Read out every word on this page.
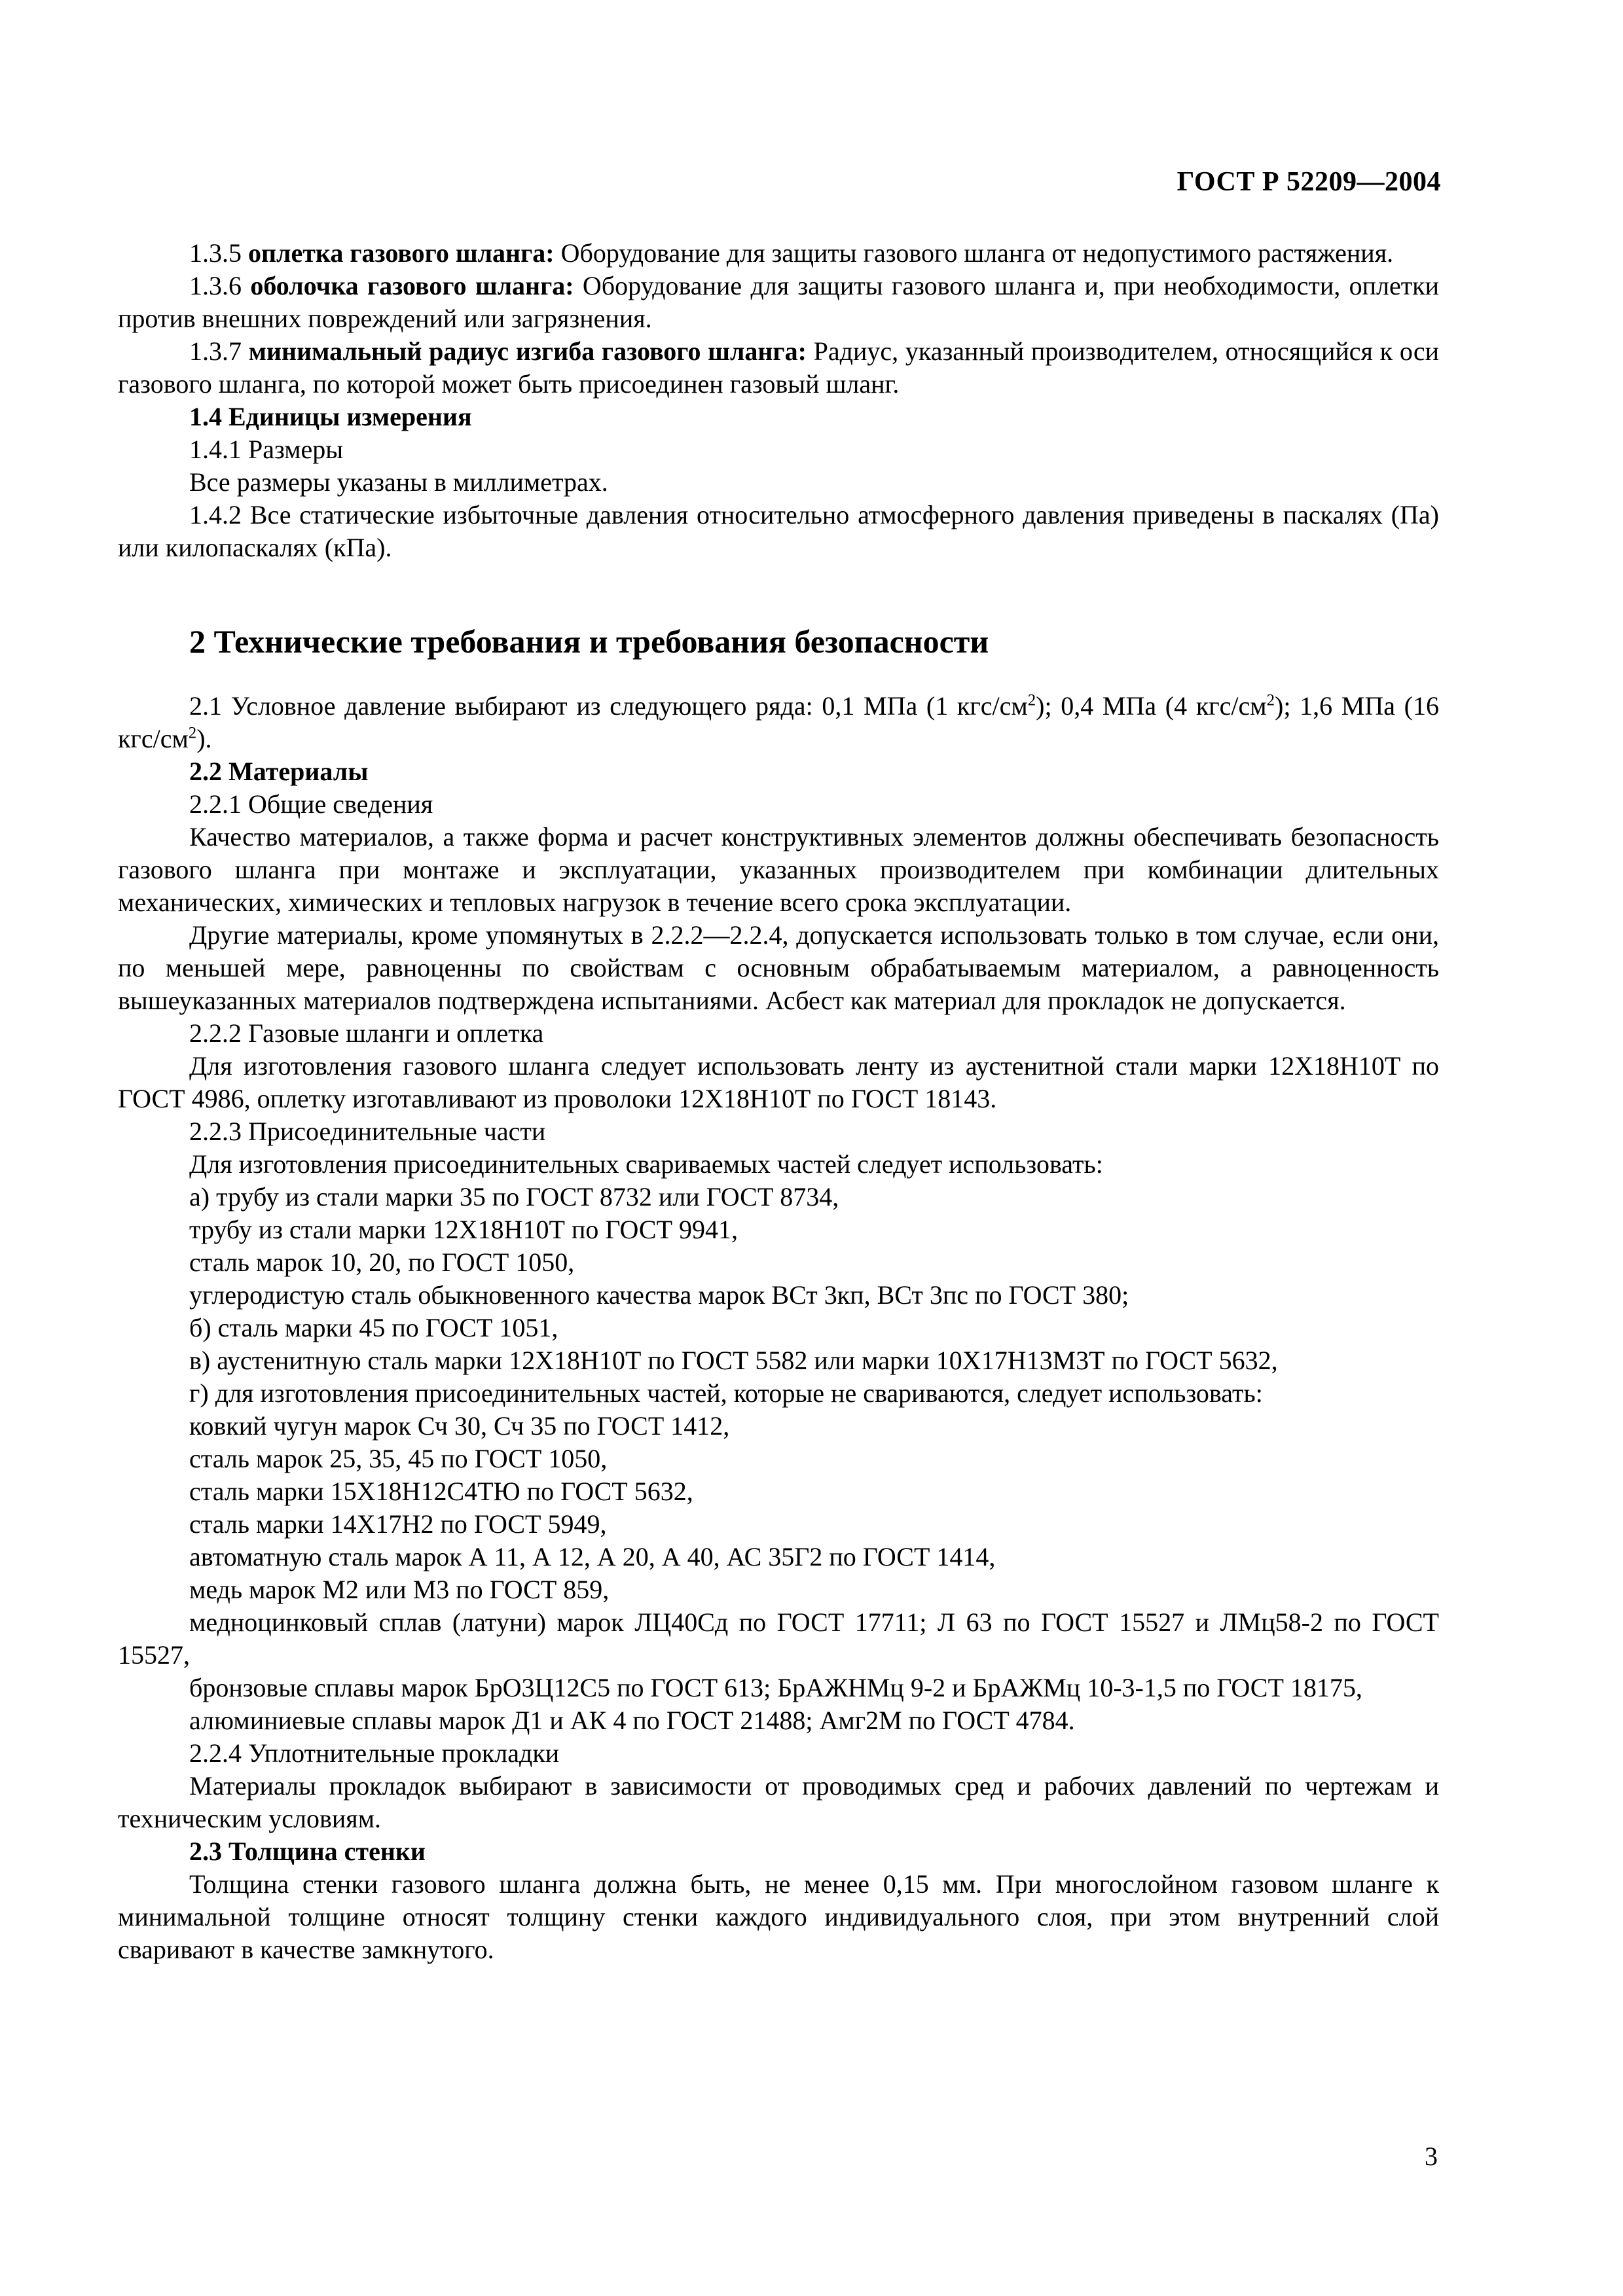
ГОСТ Р 52209—2004

1.3.5 оплетка газового шланга: Оборудование для защиты газового шланга от недопустимого растяжения.

1.3.6 оболочка газового шланга: Оборудование для защиты газового шланга и, при необходимости, оплетки против внешних повреждений или загрязнения.

1.3.7 минимальный радиус изгиба газового шланга: Радиус, указанный производителем, относящийся к оси газового шланга, по которой может быть присоединен газовый шланг.

1.4 Единицы измерения

1.4.1 Размеры

Все размеры указаны в миллиметрах.

1.4.2 Все статические избыточные давления относительно атмосферного давления приведены в паскалях (Па) или килопаскалях (кПа).

2 Технические требования и требования безопасности

2.1 Условное давление выбирают из следующего ряда: 0,1 МПа (1 кгс/$см^2$); 0,4 МПа (4 кгс/$см^2$); 1,6 МПа (16 кгс/$см^2$).

2.2 Материалы

2.2.1 Общие сведения

Качество материалов, а также форма и расчет конструктивных элементов должны обеспечивать безопасность газового шланга при монтаже и эксплуатации, указанных производителем при комбинации длительных механических, химических и тепловых нагрузок в течение всего срока эксплуатации.

Другие материалы, кроме упомянутых в 2.2.2—2.2.4, допускается использовать только в том случае, если они, по меньшей мере, равноценны по свойствам с основным обрабатываемым материалом, а равноценность вышеуказанных материалов подтверждена испытаниями. Асбест как материал для прокладок не допускается.

2.2.2 Газовые шланги и оплетка

Для изготовления газового шланга следует использовать ленту из аустенитной стали марки 12Х18Н10Т по ГОСТ 4986, оплетку изготавливают из проволоки 12Х18Н10Т по ГОСТ 18143.

2.2.3 Присоединительные части

Для изготовления присоединительных свариваемых частей следует использовать:

а) трубу из стали марки 35 по ГОСТ 8732 или ГОСТ 8734,

трубу из стали марки 12Х18Н10Т по ГОСТ 9941,

сталь марок 10, 20, по ГОСТ 1050,

углеродистую сталь обыкновенного качества марок ВСт 3кп, ВСт 3пс по ГОСТ 380;

б) сталь марки 45 по ГОСТ 1051,

в) аустенитную сталь марки 12Х18Н10Т по ГОСТ 5582 или марки 10Х17Н13М3Т по ГОСТ 5632,

г) для изготовления присоединительных частей, которые не свариваются, следует использовать:

ковкий чугун марок Сч 30, Сч 35 по ГОСТ 1412,

сталь марок 25, 35, 45 по ГОСТ 1050,

сталь марки 15Х18Н12С4ТЮ по ГОСТ 5632,

сталь марки 14Х17Н2 по ГОСТ 5949,

автоматную сталь марок А 11, А 12, А 20, А 40, АС 35Г2 по ГОСТ 1414,

медь марок М2 или М3 по ГОСТ 859,

медноцинковый сплав (латуни) марок ЛЦ40Сд по ГОСТ 17711; Л 63 по ГОСТ 15527 и ЛМц58-2 по ГОСТ 15527,

бронзовые сплавы марок БрО3Ц12С5 по ГОСТ 613; БрАЖНМц 9-2 и БрАЖМц 10-3-1,5 по ГОСТ 18175,

алюминиевые сплавы марок Д1 и АК 4 по ГОСТ 21488; Амг2М по ГОСТ 4784.

2.2.4 Уплотнительные прокладки

Материалы прокладок выбирают в зависимости от проводимых сред и рабочих давлений по чертежам и техническим условиям.

2.3 Толщина стенки

Толщина стенки газового шланга должна быть, не менее 0,15 мм. При многослойном газовом шланге к минимальной толщине относят толщину стенки каждого индивидуального слоя, при этом внутренний слой сваривают в качестве замкнутого.

3
